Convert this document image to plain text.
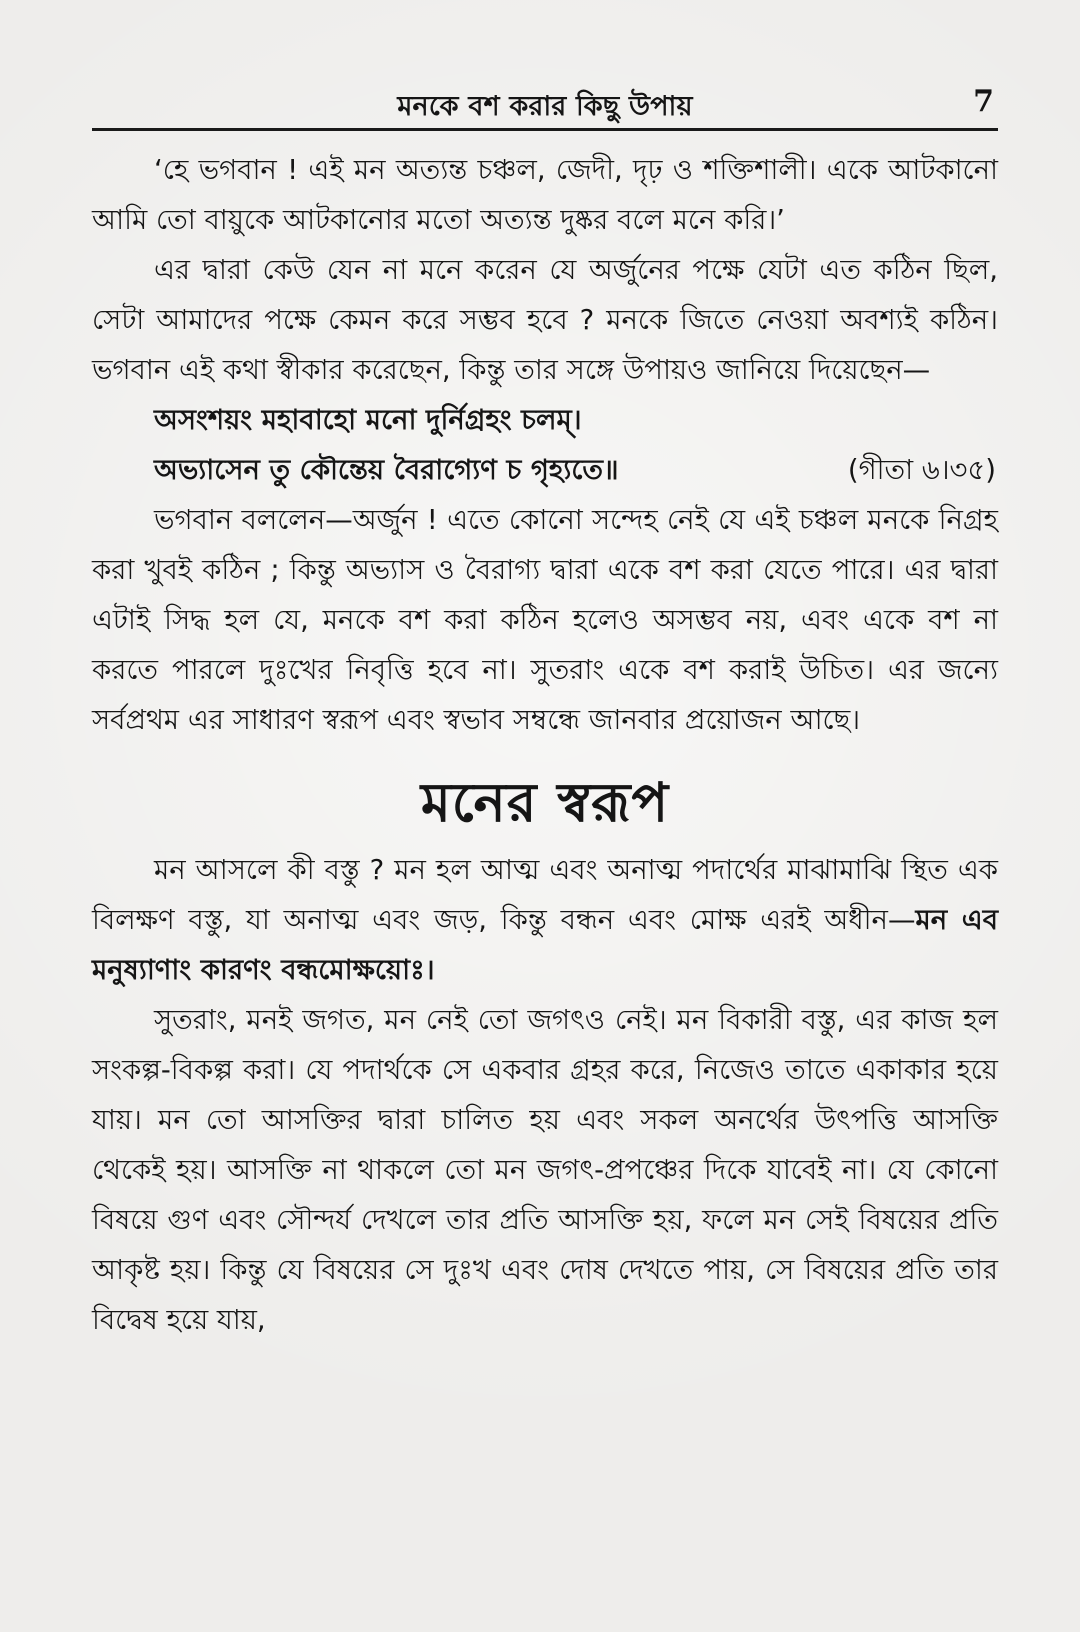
মনকে বশ করার কিছু উপায়	7

‘হে ভগবান ! এই মন অত্যন্ত চঞ্চল, জেদী, দৃঢ় ও শক্তিশালী। একে আটকানো আমি তো বায়ুকে আটকানোর মতো অত্যন্ত দুষ্কর বলে মনে করি।’

এর দ্বারা কেউ যেন না মনে করেন যে অর্জুনের পক্ষে যেটা এত কঠিন ছিল, সেটা আমাদের পক্ষে কেমন করে সম্ভব হবে ? মনকে জিতে নেওয়া অবশ্যই কঠিন। ভগবান এই কথা স্বীকার করেছেন, কিন্তু তার সঙ্গে উপায়ও জানিয়ে দিয়েছেন—

অসংশয়ং মহাবাহো মনো দুর্নিগ্রহং চলম্‌।
অভ্যাসেন তু কৌন্তেয় বৈরাগ্যেণ চ গৃহ্যতে॥	(গীতা ৬।৩৫)

ভগবান বললেন—অর্জুন ! এতে কোনো সন্দেহ নেই যে এই চঞ্চল মনকে নিগ্রহ করা খুবই কঠিন ; কিন্তু অভ্যাস ও বৈরাগ্য দ্বারা একে বশ করা যেতে পারে। এর দ্বারা এটাই সিদ্ধ হল যে, মনকে বশ করা কঠিন হলেও অসম্ভব নয়, এবং একে বশ না করতে পারলে দুঃখের নিবৃত্তি হবে না। সুতরাং একে বশ করাই উচিত। এর জন্যে সর্বপ্রথম এর সাধারণ স্বরূপ এবং স্বভাব সম্বন্ধে জানবার প্রয়োজন আছে।

মনের স্বরূপ

মন আসলে কী বস্তু ? মন হল আত্ম এবং অনাত্ম পদার্থের মাঝামাঝি স্থিত এক বিলক্ষণ বস্তু, যা অনাত্ম এবং জড়, কিন্তু বন্ধন এবং মোক্ষ এরই অধীন—মন এব মনুষ্যাণাং কারণং বন্ধমোক্ষয়োঃ।

সুতরাং, মনই জগত, মন নেই তো জগৎও নেই। মন বিকারী বস্তু, এর কাজ হল সংকল্প-বিকল্প করা। যে পদার্থকে সে একবার গ্রহর করে, নিজেও তাতে একাকার হয়ে যায়। মন তো আসক্তির দ্বারা চালিত হয় এবং সকল অনর্থের উৎপত্তি আসক্তি থেকেই হয়। আসক্তি না থাকলে তো মন জগৎ-প্রপঞ্চের দিকে যাবেই না। যে কোনো বিষয়ে গুণ এবং সৌন্দর্য দেখলে তার প্রতি আসক্তি হয়, ফলে মন সেই বিষয়ের প্রতি আকৃষ্ট হয়। কিন্তু যে বিষয়ের সে দুঃখ এবং দোষ দেখতে পায়, সে বিষয়ের প্রতি তার বিদ্বেষ হয়ে যায়,
